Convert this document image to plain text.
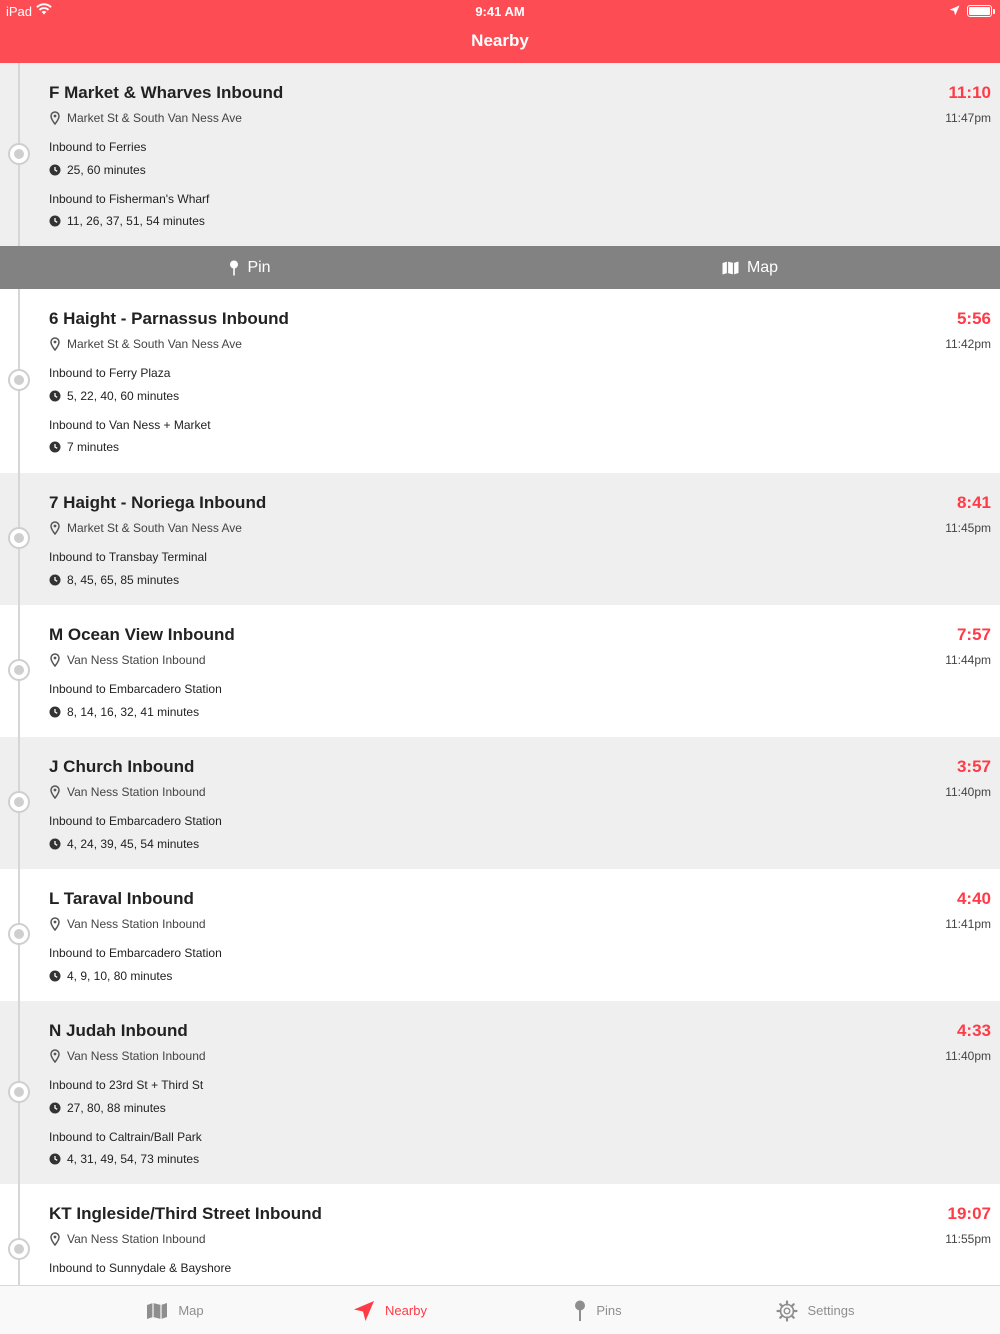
iPad	9:41 AM
Nearby
F Market & Wharves Inbound
Market St & South Van Ness Ave
11:10
11:47pm
Inbound to Ferries
25, 60 minutes
Inbound to Fisherman's Wharf
11, 26, 37, 51, 54 minutes
Pin	Map
6 Haight - Parnassus Inbound
Market St & South Van Ness Ave
5:56
11:42pm
Inbound to Ferry Plaza
5, 22, 40, 60 minutes
Inbound to Van Ness + Market
7 minutes
7 Haight - Noriega Inbound
Market St & South Van Ness Ave
8:41
11:45pm
Inbound to Transbay Terminal
8, 45, 65, 85 minutes
M Ocean View Inbound
Van Ness Station Inbound
7:57
11:44pm
Inbound to Embarcadero Station
8, 14, 16, 32, 41 minutes
J Church Inbound
Van Ness Station Inbound
3:57
11:40pm
Inbound to Embarcadero Station
4, 24, 39, 45, 54 minutes
L Taraval Inbound
Van Ness Station Inbound
4:40
11:41pm
Inbound to Embarcadero Station
4, 9, 10, 80 minutes
N Judah Inbound
Van Ness Station Inbound
4:33
11:40pm
Inbound to 23rd St + Third St
27, 80, 88 minutes
Inbound to Caltrain/Ball Park
4, 31, 49, 54, 73 minutes
KT Ingleside/Third Street Inbound
Van Ness Station Inbound
19:07
11:55pm
Inbound to Sunnydale & Bayshore
Map	Nearby	Pins	Settings
